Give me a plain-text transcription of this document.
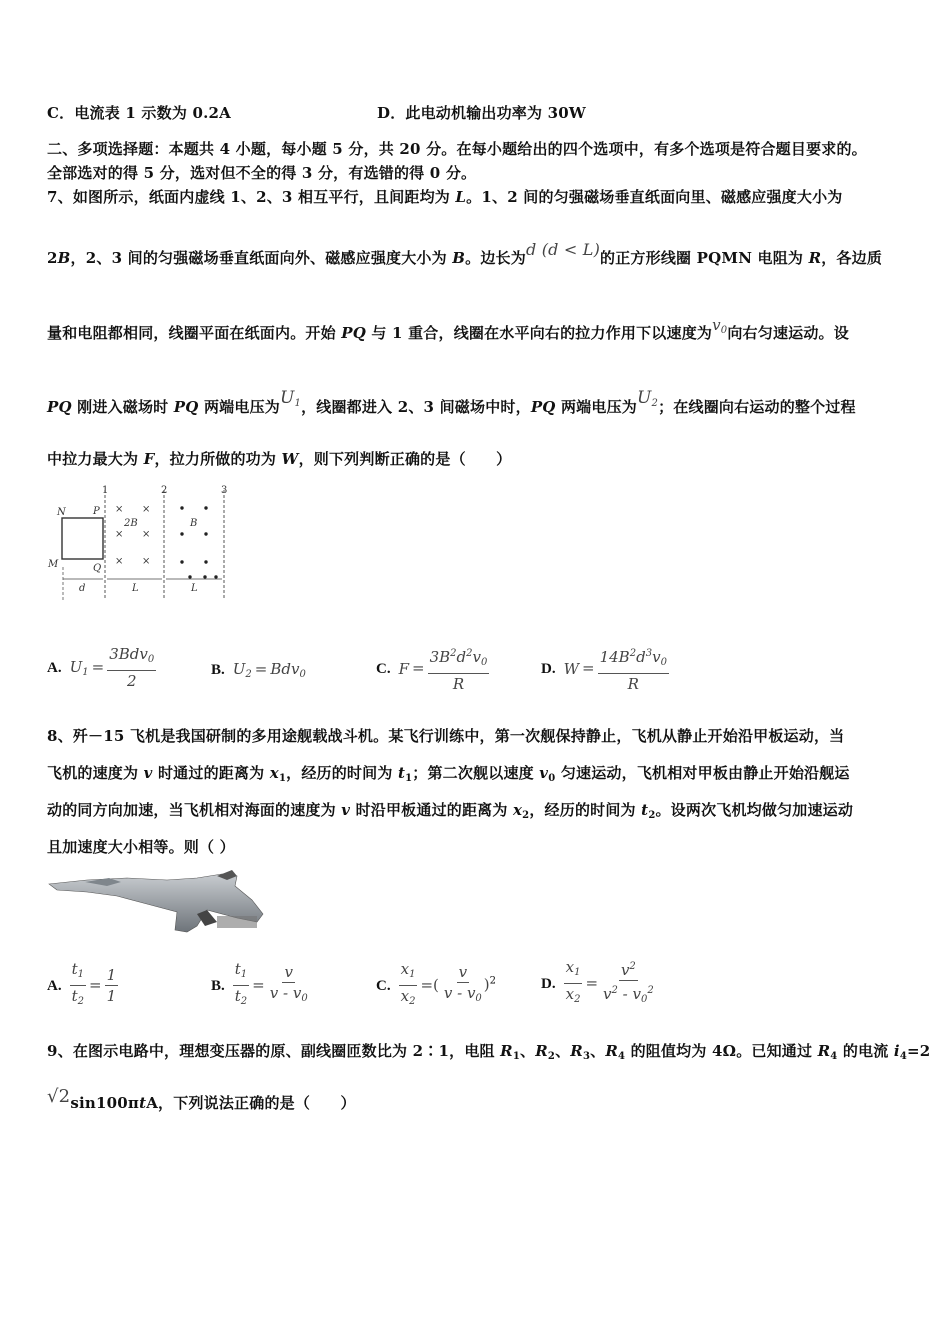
C．电流表 1 示数为 0.2A	D．此电动机输出功率为 30W
二、多项选择题：本题共 4 小题，每小题 5 分，共 20 分。在每小题给出的四个选项中，有多个选项是符合题目要求的。
全部选对的得 5 分，选对但不全的得 3 分，有选错的得 0 分。
7、如图所示，纸面内虚线 1、2、3 相互平行，且间距均为 L。1、2 间的匀强磁场垂直纸面向里、磁感应强度大小为
2B，2、3 间的匀强磁场垂直纸面向外、磁感应强度大小为 B。边长为d (d < L)的正方形线圈 PQMN 电阻为 R，各边质
量和电阻都相同，线圈平面在纸面内。开始 PQ 与 1 重合，线圈在水平向右的拉力作用下以速度为$v_0$向右匀速运动。设
PQ 刚进入磁场时 PQ 两端电压为$U_1$，线圈都进入 2、3 间磁场中时，PQ 两端电压为$U_2$；在线圈向右运动的整个过程
中拉力最大为 F，拉力所做的功为 W，则下列判断正确的是（　　）
1	2	3
N	P
M	Q
× ×
× ×
× ×
2B	B
d	L	L
A. $U_1 = \frac{3Bdv_0}{2}$	B. $U_2 = Bdv_0$	C. $F = \frac{3B^2d^2v_0}{R}$	D. $W = \frac{14B^2d^3v_0}{R}$
8、歼－15 飞机是我国研制的多用途舰载战斗机。某飞行训练中，第一次舰保持静止，飞机从静止开始沿甲板运动，当
飞机的速度为 v 时通过的距离为 $x_1$，经历的时间为 $t_1$；第二次舰以速度 $v_0$ 匀速运动，飞机相对甲板由静止开始沿舰运
动的同方向加速，当飞机相对海面的速度为 v 时沿甲板通过的距离为 $x_2$，经历的时间为 $t_2$。设两次飞机均做匀加速运动
且加速度大小相等。则（ ）
A. $\frac{t_1}{t_2} = \frac{1}{1}$	B. $\frac{t_1}{t_2} = \frac{v}{v - v_0}$	C. $\frac{x_1}{x_2}$ =( $\frac{v}{v - v_0} )^2$	D. $\frac{x_1}{x_2} = \frac{v^2}{v^2 - v_0^2}$
9、在图示电路中，理想变压器的原、副线圈匝数比为 2∶1，电阻 $R_1$、$R_2$、$R_3$、$R_4$ 的阻值均为 4Ω。已知通过 $R_4$ 的电流 $i_4=2$
√2sin100πtA，下列说法正确的是（　　）
